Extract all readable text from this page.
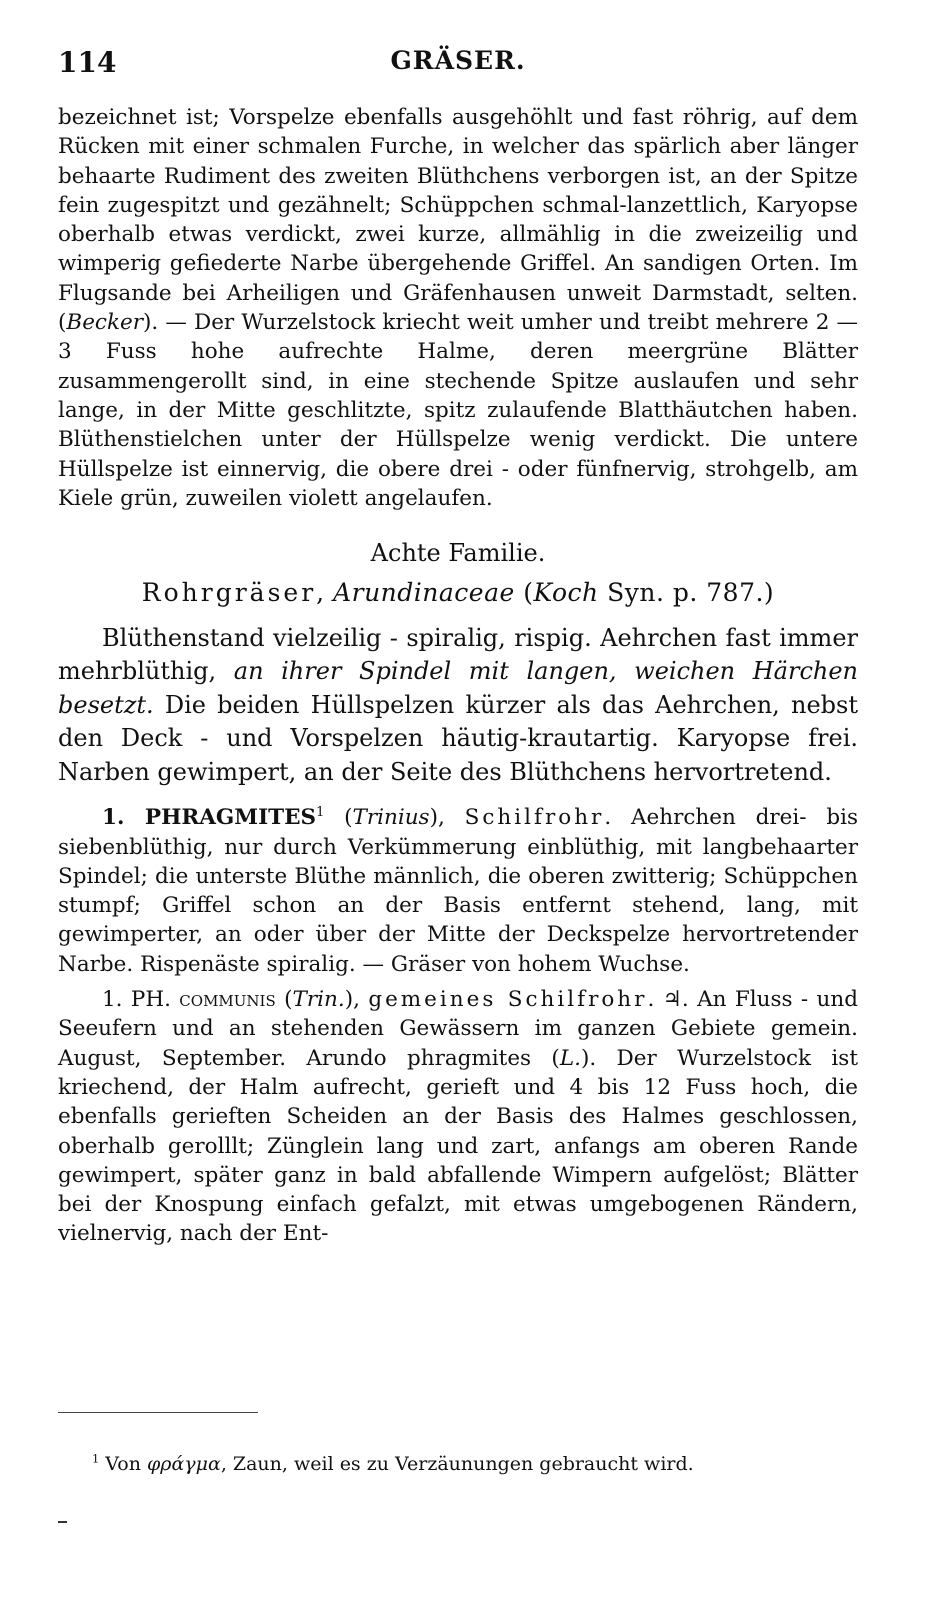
114	GRÄSER.

bezeichnet ist; Vorspelze ebenfalls ausgehöhlt und fast röhrig, auf dem Rücken mit einer schmalen Furche, in welcher das spärlich aber länger behaarte Rudiment des zweiten Blüthchens verborgen ist, an der Spitze fein zugespitzt und gezähnelt; Schüppchen schmal-lanzettlich, Karyopse oberhalb etwas verdickt, zwei kurze, allmählig in die zweizeilig und wimperig gefiederte Narbe übergehende Griffel. An sandigen Orten. Im Flugsande bei Arheiligen und Gräfenhausen unweit Darmstadt, selten. (Becker). — Der Wurzelstock kriecht weit umher und treibt mehrere 2 — 3 Fuss hohe aufrechte Halme, deren meergrüne Blätter zusammengerollt sind, in eine stechende Spitze auslaufen und sehr lange, in der Mitte geschlitzte, spitz zulaufende Blatthäutchen haben. Blüthenstielchen unter der Hüllspelze wenig verdickt. Die untere Hüllspelze ist einnervig, die obere drei - oder fünfnervig, strohgelb, am Kiele grün, zuweilen violett angelaufen.

Achte Familie.

Rohrgräser, Arundinaceae (Koch Syn. p. 787.)

Blüthenstand vielzeilig - spiralig, rispig. Aehrchen fast immer mehrblüthig, an ihrer Spindel mit langen, weichen Härchen besetzt. Die beiden Hüllspelzen kürzer als das Aehrchen, nebst den Deck - und Vorspelzen häutig-krautartig. Karyopse frei. Narben gewimpert, an der Seite des Blüthchens hervortretend.

1. PHRAGMITES$^1$ (Trinius), Schilfrohr. Aehrchen drei- bis siebenblüthig, nur durch Verkümmerung einblüthig, mit langbehaarter Spindel; die unterste Blüthe männlich, die oberen zwitterig; Schüppchen stumpf; Griffel schon an der Basis entfernt stehend, lang, mit gewimperter, an oder über der Mitte der Deckspelze hervortretender Narbe. Rispenäste spiralig. — Gräser von hohem Wuchse.

1. PH. communis (Trin.), gemeines Schilfrohr. ♃. An Fluss - und Seeufern und an stehenden Gewässern im ganzen Gebiete gemein. August, September. Arundo phragmites (L.). Der Wurzelstock ist kriechend, der Halm aufrecht, gerieft und 4 bis 12 Fuss hoch, die ebenfalls gerieften Scheiden an der Basis des Halmes geschlossen, oberhalb gerolllt; Zünglein lang und zart, anfangs am oberen Rande gewimpert, später ganz in bald abfallende Wimpern aufgelöst; Blätter bei der Knospung einfach gefalzt, mit etwas umgebogenen Rändern, vielnervig, nach der Ent-

$^1$ Von φράγμα, Zaun, weil es zu Verzäunungen gebraucht wird.
